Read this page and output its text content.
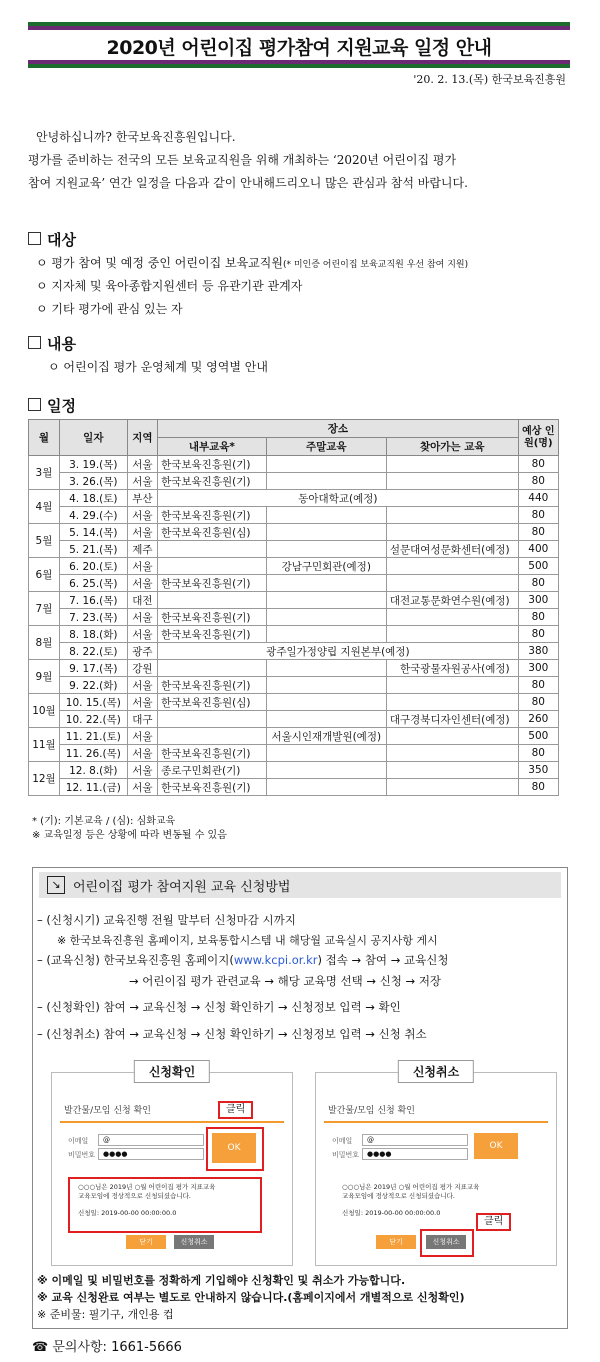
2020년 어린이집 평가참여 지원교육 일정 안내
'20. 2. 13.(목) 한국보육진흥원

안녕하십니까? 한국보육진흥원입니다.

평가를 준비하는 전국의 모든 보육교직원을 위해 개최하는 ‘2020년 어린이집 평가

참여 지원교육’ 연간 일정을 다음과 같이 안내해드리오니 많은 관심과 참석 바랍니다.

대상
ㅇ 평가 참여 및 예정 중인 어린이집 보육교직원(* 미인증 어린이집 보육교직원 우선 참여 지원)
ㅇ 지자체 및 육아종합지원센터 등 유관기관 관계자
ㅇ 기타 평가에 관심 있는 자
내용
ㅇ 어린이집 평가 운영체계 및 영역별 안내
일정
월	일자	지역	장소			예상 인원(명)
			내부교육*	주말교육	찾아가는 교육	
3월	3. 19.(목)	서울	한국보육진흥원(기)			80
	3. 26.(목)	서울	한국보육진흥원(기)			80
4월	4. 18.(토)	부산	동아대학교(예정)			440
	4. 29.(수)	서울	한국보육진흥원(기)			80
5월	5. 14.(목)	서울	한국보육진흥원(심)			80
	5. 21.(목)	제주			설문대여성문화센터(예정)	400
6월	6. 20.(토)	서울		강남구민회관(예정)		500
	6. 25.(목)	서울	한국보육진흥원(기)			80
7월	7. 16.(목)	대전			대전교통문화연수원(예정)	300
	7. 23.(목)	서울	한국보육진흥원(기)			80
8월	8. 18.(화)	서울	한국보육진흥원(기)			80
	8. 22.(토)	광주	광주일가정양립 지원본부(예정)			380
9월	9. 17.(목)	강원			한국광물자원공사(예정)	300
	9. 22.(화)	서울	한국보육진흥원(기)			80
10월	10. 15.(목)	서울	한국보육진흥원(심)			80
	10. 22.(목)	대구			대구경북디자인센터(예정)	260
11월	11. 21.(토)	서울		서울시인재개발원(예정)		500
	11. 26.(목)	서울	한국보육진흥원(기)			80
12월	12. 8.(화)	서울	종로구민회관(기)			350
	12. 11.(금)	서울	한국보육진흥원(기)			80
* (기): 기본교육 / (심): 심화교육
※ 교육일정 등은 상황에 따라 변동될 수 있음
↘ 어린이집 평가 참여지원 교육 신청방법
– (신청시기) 교육진행 전월 말부터 신청마감 시까지
※ 한국보육진흥원 홈페이지, 보육통합시스템 내 해당월 교육실시 공지사항 게시
– (교육신청) 한국보육진흥원 홈페이지(www.kcpi.or.kr) 접속 → 참여 → 교육신청
→ 어린이집 평가 관련교육 → 해당 교육명 선택 → 신청 → 저장
– (신청확인) 참여 → 교육신청 → 신청 확인하기 → 신청정보 입력 → 확인
– (신청취소) 참여 → 교육신청 → 신청 확인하기 → 신청정보 입력 → 신청 취소
신청확인
발간물/모임 신청 확인
이메일
비밀번호
@
●●●●
OK
클릭
○○○님은 2019년 ○월 어린이집 평가 지표교육
교육모임에 정상적으로 신청되셨습니다.
신청일: 2019-00-00 00:00:00.0
닫기	신청취소
신청취소
발간물/모임 신청 확인
이메일
비밀번호
@
●●●●
OK
○○○님은 2019년 ○월 어린이집 평가 지표교육
교육모임에 정상적으로 신청되셨습니다.
신청일: 2019-00-00 00:00:00.0
클릭
닫기	신청취소
※ 이메일 및 비밀번호를 정확하게 기입해야 신청확인 및 취소가 가능합니다.
※ 교육 신청완료 여부는 별도로 안내하지 않습니다.(홈페이지에서 개별적으로 신청확인)
※ 준비물: 필기구, 개인용 컵
☎ 문의사항: 1661-5666
